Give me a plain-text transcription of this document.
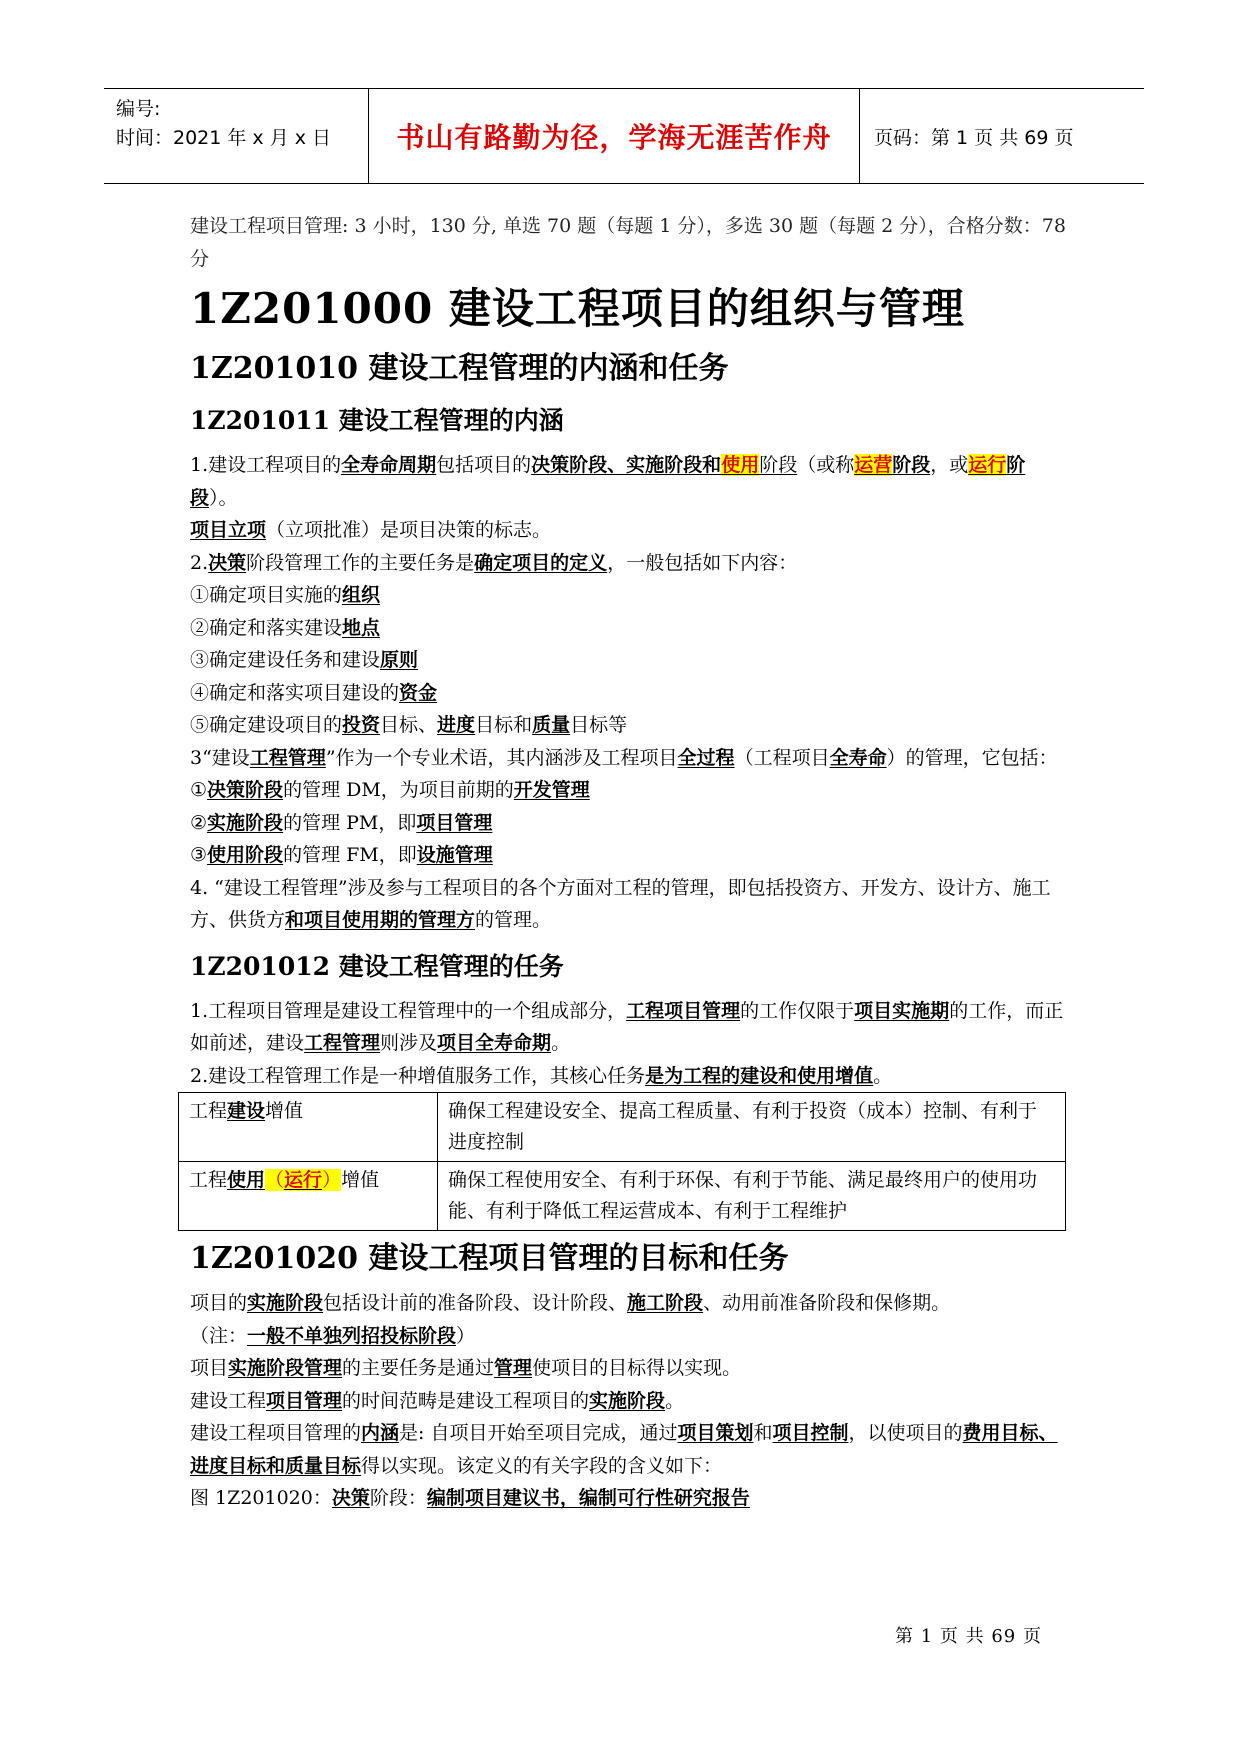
编号:
时间：2021 年 x 月 x 日	书山有路勤为径，学海无涯苦作舟 页码：第 1 页 共 69 页

建设工程项目管理: 3 小时，130 分, 单选 70 题（每题 1 分），多选 30 题（每题 2 分），合格分数：78 分

1Z201000 建设工程项目的组织与管理
1Z201010 建设工程管理的内涵和任务
1Z201011 建设工程管理的内涵

1.建设工程项目的全寿命周期包括项目的决策阶段、实施阶段和使用阶段（或称运营阶段，或运行阶段）。

项目立项（立项批准）是项目决策的标志。

2.决策阶段管理工作的主要任务是确定项目的定义，一般包括如下内容：

①确定项目实施的组织

②确定和落实建设地点

③确定建设任务和建设原则

④确定和落实项目建设的资金

⑤确定建设项目的投资目标、进度目标和质量目标等

3“建设工程管理”作为一个专业术语，其内涵涉及工程项目全过程（工程项目全寿命）的管理，它包括：

①决策阶段的管理 DM，为项目前期的开发管理

②实施阶段的管理 PM，即项目管理

③使用阶段的管理 FM，即设施管理

4. “建设工程管理”涉及参与工程项目的各个方面对工程的管理，即包括投资方、开发方、设计方、施工方、供货方和项目使用期的管理方的管理。

1Z201012 建设工程管理的任务

1.工程项目管理是建设工程管理中的一个组成部分，工程项目管理的工作仅限于项目实施期的工作，而正如前述，建设工程管理则涉及项目全寿命期。

2.建设工程管理工作是一种增值服务工作，其核心任务是为工程的建设和使用增值。

工程建设增值	确保工程建设安全、提高工程质量、有利于投资（成本）控制、有利于进度控制
工程使用（运行）增值	确保工程使用安全、有利于环保、有利于节能、满足最终用户的使用功能、有利于降低工程运营成本、有利于工程维护
1Z201020 建设工程项目管理的目标和任务

项目的实施阶段包括设计前的准备阶段、设计阶段、施工阶段、动用前准备阶段和保修期。

（注：一般不单独列招投标阶段）

项目实施阶段管理的主要任务是通过管理使项目的目标得以实现。

建设工程项目管理的时间范畴是建设工程项目的实施阶段。

建设工程项目管理的内涵是: 自项目开始至项目完成，通过项目策划和项目控制，以使项目的费用目标、进度目标和质量目标得以实现。该定义的有关字段的含义如下：

图 1Z201020：决策阶段：编制项目建议书，编制可行性研究报告

第 1 页 共 69 页
